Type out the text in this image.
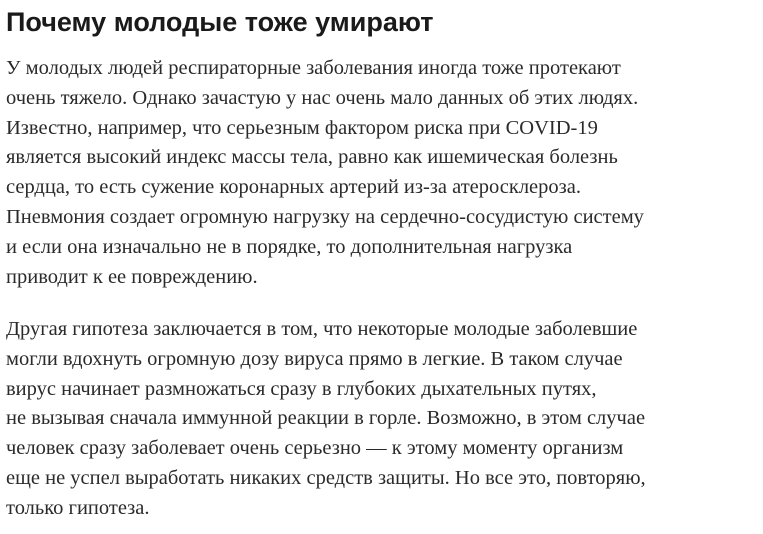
Почему молодые тоже умирают

У молодых людей респираторные заболевания иногда тоже протекают
очень тяжело. Однако зачастую у нас очень мало данных об этих людях.
Известно, например, что серьезным фактором риска при COVID-19
является высокий индекс массы тела, равно как ишемическая болезнь
сердца, то есть сужение коронарных артерий из-за атеросклероза.
Пневмония создает огромную нагрузку на сердечно-сосудистую систему
и если она изначально не в порядке, то дополнительная нагрузка
приводит к ее повреждению.

Другая гипотеза заключается в том, что некоторые молодые заболевшие
могли вдохнуть огромную дозу вируса прямо в легкие. В таком случае
вирус начинает размножаться сразу в глубоких дыхательных путях,
не вызывая сначала иммунной реакции в горле. Возможно, в этом случае
человек сразу заболевает очень серьезно — к этому моменту организм
еще не успел выработать никаких средств защиты. Но все это, повторяю,
только гипотеза.
